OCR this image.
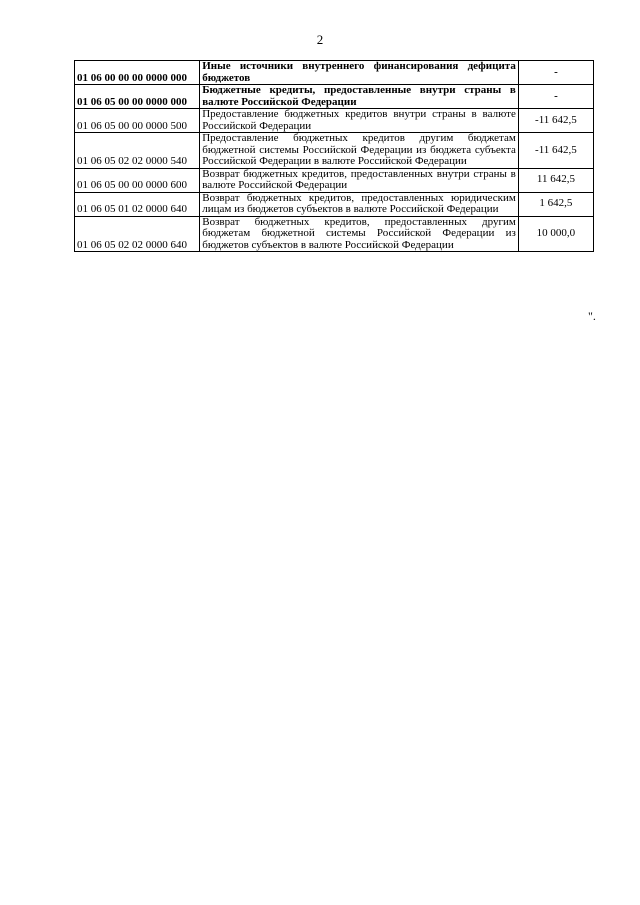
2
01 06 00 00 00 0000 000	Иные источники внутреннего финансирования дефицита бюджетов	-
01 06 05 00 00 0000 000	Бюджетные кредиты, предоставленные внутри страны в валюте Российской Федерации	-
01 06 05 00 00 0000 500	Предоставление бюджетных кредитов внутри страны в валюте Российской Федерации	-11 642,5
01 06 05 02 02 0000 540	Предоставление бюджетных кредитов другим бюджетам бюджетной системы Российской Федерации из бюджета субъекта Российской Федерации в валюте Российской Федерации	-11 642,5
01 06 05 00 00 0000 600	Возврат бюджетных кредитов, предоставленных внутри страны в валюте Российской Федерации	11 642,5
01 06 05 01 02 0000 640	Возврат бюджетных кредитов, предоставленных юридическим лицам из бюджетов субъектов в валюте Российской Федерации	1 642,5
01 06 05 02 02 0000 640	Возврат бюджетных кредитов, предоставленных другим бюджетам бюджетной системы Российской Федерации из бюджетов субъектов в валюте Российской Федерации	10 000,0
".
